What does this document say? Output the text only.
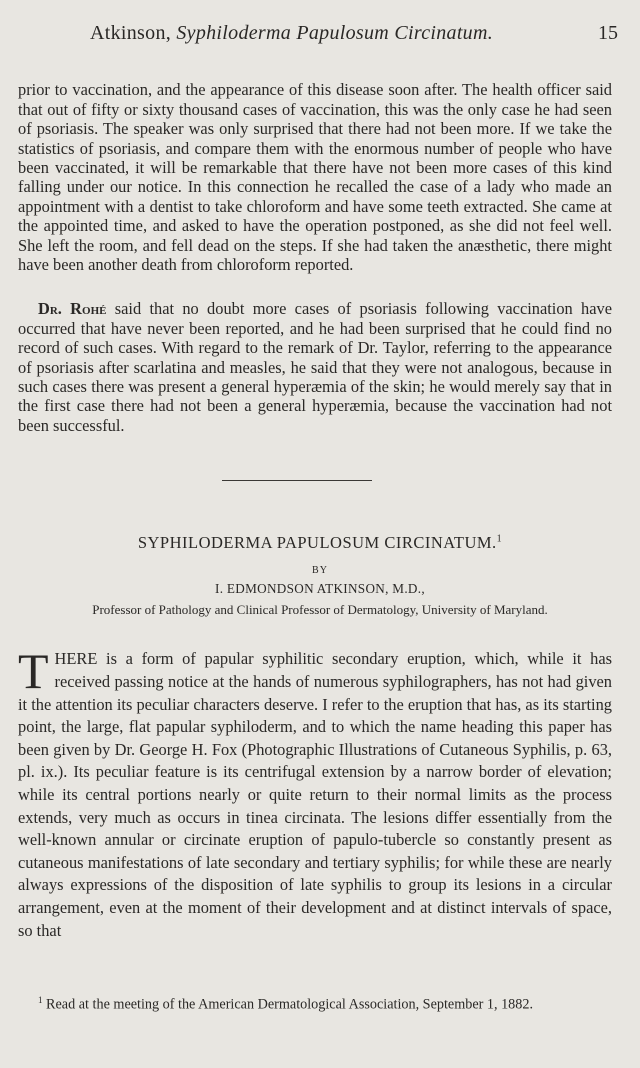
Atkinson, Syphiloderma Papulosum Circinatum.	15

prior to vaccination, and the appearance of this disease soon after. The health officer said that out of fifty or sixty thousand cases of vaccination, this was the only case he had seen of psoriasis. The speaker was only surprised that there had not been more. If we take the statistics of psoriasis, and compare them with the enormous number of people who have been vaccinated, it will be remarkable that there have not been more cases of this kind falling under our notice. In this connection he recalled the case of a lady who made an appointment with a dentist to take chloroform and have some teeth extracted. She came at the appointed time, and asked to have the operation postponed, as she did not feel well. She left the room, and fell dead on the steps. If she had taken the anæsthetic, there might have been another death from chloroform reported.

Dr. Rohé said that no doubt more cases of psoriasis following vaccination have occurred that have never been reported, and he had been surprised that he could find no record of such cases. With regard to the remark of Dr. Taylor, referring to the appearance of psoriasis after scarlatina and measles, he said that they were not analogous, because in such cases there was present a general hyperæmia of the skin; he would merely say that in the first case there had not been a general hyperæmia, because the vaccination had not been successful.

SYPHILODERMA PAPULOSUM CIRCINATUM.$^1$
BY
I. EDMONDSON ATKINSON, M.D.,
Professor of Pathology and Clinical Professor of Dermatology, University of Maryland.

THERE is a form of papular syphilitic secondary eruption, which, while it has received passing notice at the hands of numerous syphilographers, has not had given it the attention its peculiar characters deserve. I refer to the eruption that has, as its starting point, the large, flat papular syphiloderm, and to which the name heading this paper has been given by Dr. George H. Fox (Photographic Illustrations of Cutaneous Syphilis, p. 63, pl. ix.). Its peculiar feature is its centrifugal extension by a narrow border of elevation; while its central portions nearly or quite return to their normal limits as the process extends, very much as occurs in tinea circinata. The lesions differ essentially from the well-known annular or circinate eruption of papulo-tubercle so constantly present as cutaneous manifestations of late secondary and tertiary syphilis; for while these are nearly always expressions of the disposition of late syphilis to group its lesions in a circular arrangement, even at the moment of their development and at distinct intervals of space, so that

$^1$ Read at the meeting of the American Dermatological Association, September 1, 1882.
